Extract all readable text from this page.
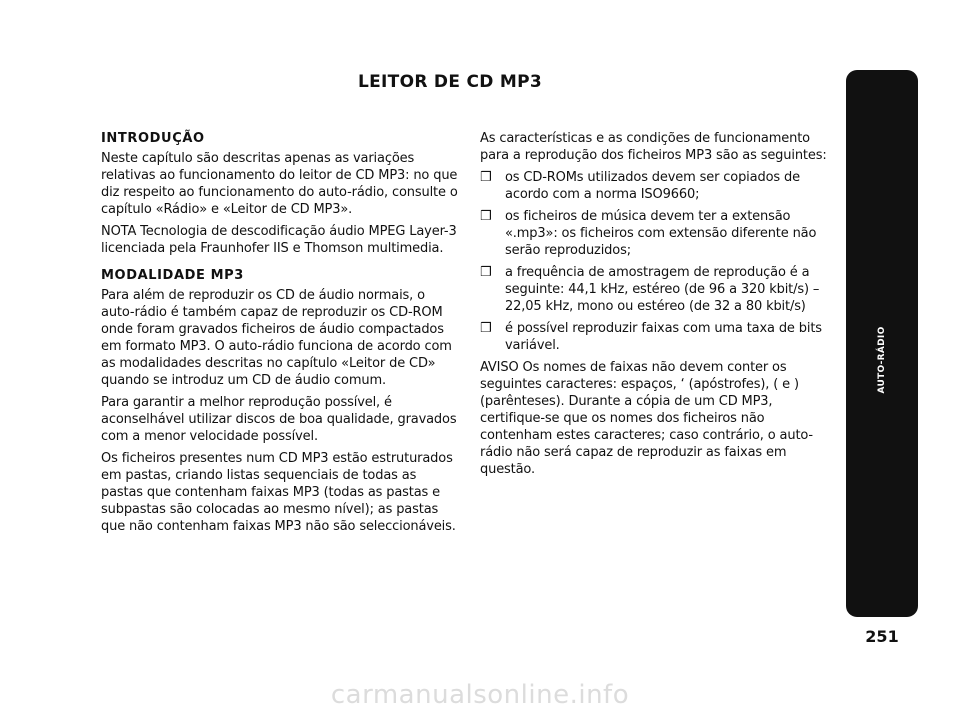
LEITOR DE CD MP3
INTRODUÇÃO

Neste capítulo são descritas apenas as variações relativas ao funcionamento do leitor de CD MP3: no que diz respeito ao funcionamento do auto-rádio, consulte o capítulo «Rádio» e «Leitor de CD MP3».

NOTA Tecnologia de descodificação áudio MPEG Layer-3 licenciada pela Fraunhofer IIS e Thomson multimedia.

MODALIDADE MP3

Para além de reproduzir os CD de áudio normais, o auto-rádio é também capaz de reproduzir os CD-ROM onde foram gravados ficheiros de áudio compactados em formato MP3. O auto-rádio funciona de acordo com as modalidades descritas no capítulo «Leitor de CD» quando se introduz um CD de áudio comum.

Para garantir a melhor reprodução possível, é aconselhável utilizar discos de boa qualidade, gravados com a menor velocidade possível.

Os ficheiros presentes num CD MP3 estão estruturados em pastas, criando listas sequenciais de todas as pastas que contenham faixas MP3 (todas as pastas e subpastas são colocadas ao mesmo nível); as pastas que não contenham faixas MP3 não são seleccionáveis.

As características e as condições de funcionamento para a reprodução dos ficheiros MP3 são as seguintes:

❒ os CD-ROMs utilizados devem ser copiados de acordo com a norma ISO9660;
❒ os ficheiros de música devem ter a extensão «.mp3»: os ficheiros com extensão diferente não serão reproduzidos;
❒ a frequência de amostragem de reprodução é a seguinte: 44,1 kHz, estéreo (de 96 a 320 kbit/s) – 22,05 kHz, mono ou estéreo (de 32 a 80 kbit/s)
❒ é possível reproduzir faixas com uma taxa de bits variável.

AVISO Os nomes de faixas não devem conter os seguintes caracteres: espaços, ‘ (apóstrofes), ( e ) (parênteses). Durante a cópia de um CD MP3, certifique-se que os nomes dos ficheiros não contenham estes caracteres; caso contrário, o auto-rádio não será capaz de reproduzir as faixas em questão.

AUTO-RÁDIO
251
carmanualsonline.info
